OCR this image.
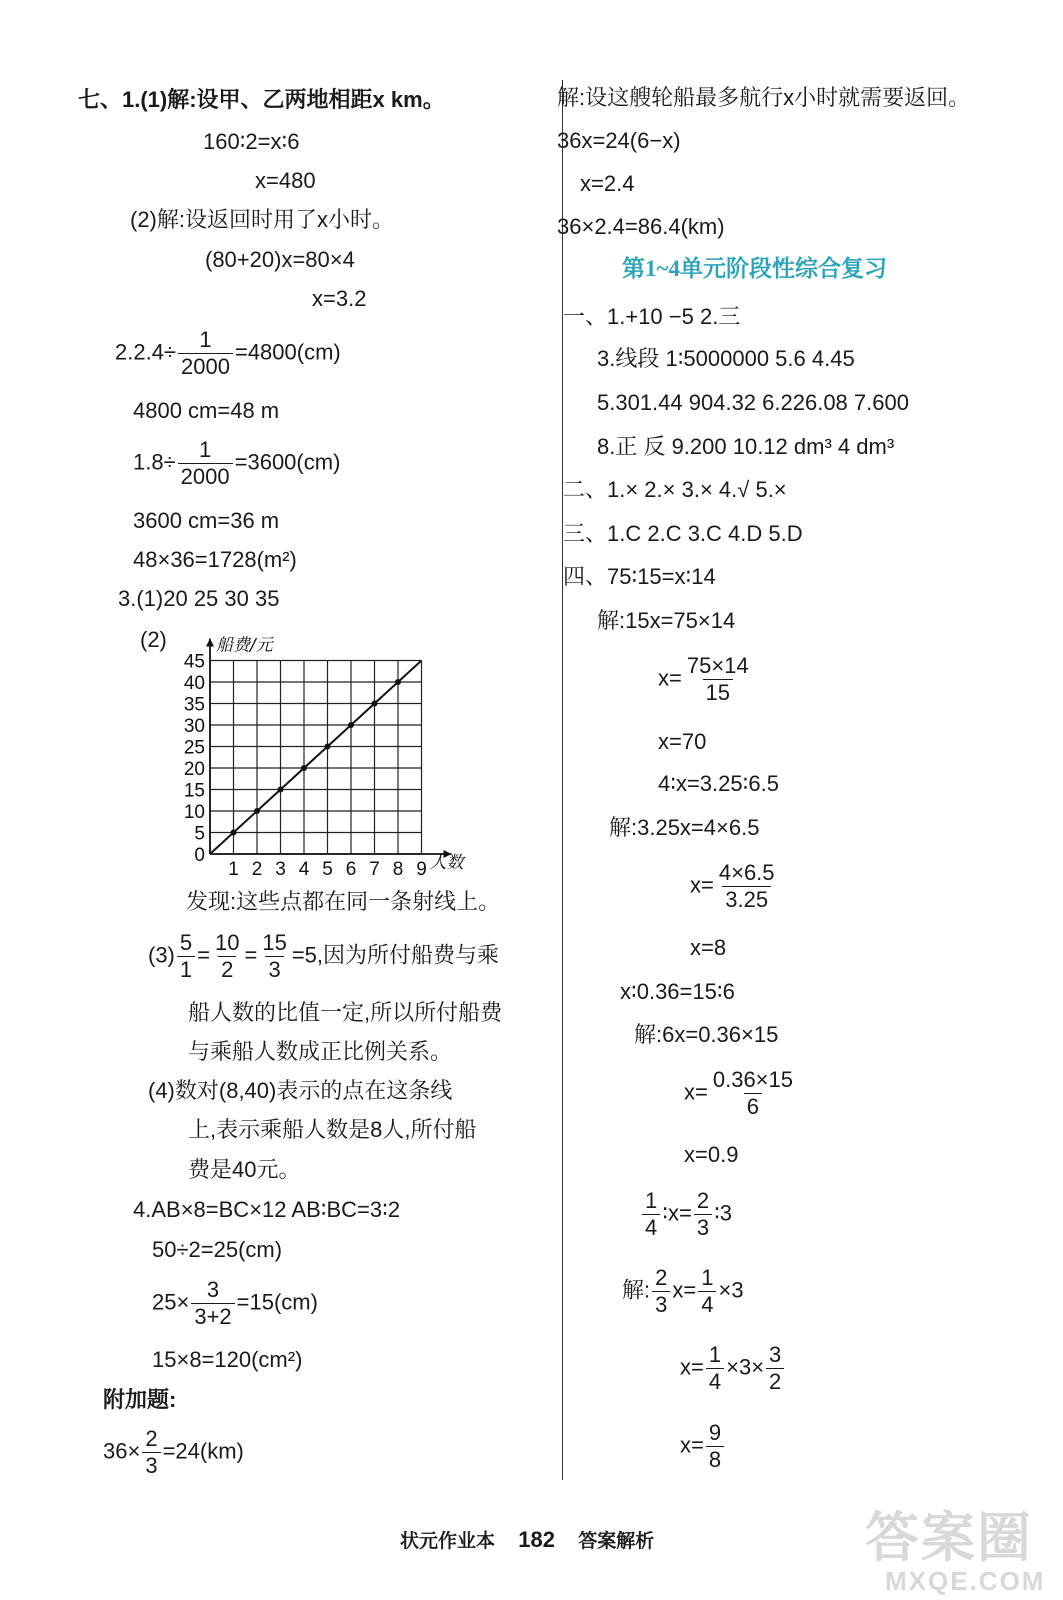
七、1.(1)解:设甲、乙两地相距x km。
160∶2=x∶6
x=480
(2)解:设返回时用了x小时。
(80+20)x=80×4
x=3.2
$2.2.4\div \frac{1}{2000} =4800(cm)$
4800 cm=48 m
$1.8\div \frac{1}{2000} =3600(cm)$
3600 cm=36 m
48×36=1728(m²)
3.(1)20 25 30 35
(2)
0
5
10
15
20
25
30
35
40
45
1 2 3 4 5 6 7 8 9
船费/元
人数
发现:这些点都在同一条射线上。
$(3) \frac{5}{1} = \frac{10}{2} = \frac{15}{3} =5$,因为所付船费与乘
船人数的比值一定,所以所付船费
与乘船人数成正比例关系。
(4)数对(8,40)表示的点在这条线
上,表示乘船人数是8人,所付船
费是40元。
4.AB×8=BC×12 AB∶BC=3∶2
50÷2=25(cm)
$25\times \frac{3}{3+2} =15(cm)$
15×8=120(cm²)
附加题:
$36\times \frac{2}{3} =24(km)$
解:设这艘轮船最多航行x小时就需要返回。
36x=24(6−x)
x=2.4
36×2.4=86.4(km)
第1~4单元阶段性综合复习
一、1.+10 −5 2.三
3.线段 1∶5000000 5.6 4.45
5.301.44 904.32 6.226.08 7.600
8.正 反 9.200 10.12 dm³ 4 dm³
二、1.× 2.× 3.× 4.√ 5.×
三、1.C 2.C 3.C 4.D 5.D
四、75∶15=x∶14
解:15x=75×14
$x= \frac{75\times 14}{15}$
x=70
4∶x=3.25∶6.5
解:3.25x=4×6.5
$x= \frac{4\times 6.5}{3.25}$
x=8
x∶0.36=15∶6
解:6x=0.36×15
$x= \frac{0.36\times 15}{6}$
x=0.9
$\frac{1}{4}$ ∶x= $\frac{2}{3}$ ∶3
解: $\frac{2}{3} x= \frac{1}{4} \times 3$
$x= \frac{1}{4} \times 3\times \frac{3}{2}$
$x= \frac{9}{8}$
状元作业本 182 答案解析	答案圈
MXQE.COM
